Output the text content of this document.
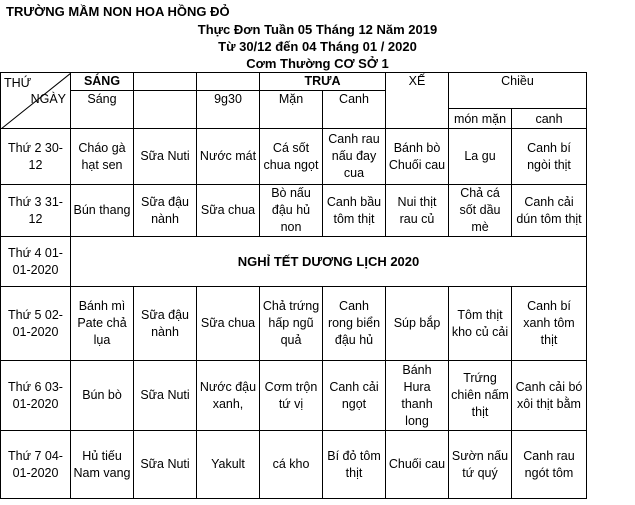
TRƯỜNG MẦM NON HOA HỒNG ĐỎ
Thực Đơn Tuần 05 Tháng 12 Năm 2019
Từ 30/12 đến 04 Tháng 01 / 2020
Cơm Thường CƠ SỞ 1
THỨ
NGÀY	SÁNG			TRƯA		XẾ	Chiều	
	Sáng		9g30	Mặn	Canh			
							món mặn	canh
Thứ 2 30-12	Cháo gà hạt sen	Sữa Nuti	Nước mát	Cá sốt chua ngọt	Canh rau nấu đay cua	Bánh bò Chuối cau	La gu	Canh bí ngòi thịt
Thứ 3 31-12	Bún thang	Sữa đậu nành	Sữa chua	Bò nấu đậu hủ non	Canh bầu tôm thịt	Nui thịt rau củ	Chả cá sốt dầu mè	Canh cải dún tôm thịt
Thứ 4 01-01-2020	NGHỈ TẾT DƯƠNG LỊCH 2020							
Thứ 5 02-01-2020	Bánh mì Pate chả lụa	Sữa đậu nành	Sữa chua	Chả trứng hấp ngũ quả	Canh rong biển đậu hủ	Súp bắp	Tôm thịt kho củ cải	Canh bí xanh tôm thịt
Thứ 6 03-01-2020	Bún bò	Sữa Nuti	Nước đậu xanh,	Cơm trộn tứ vị	Canh cải ngọt	Bánh Hura thanh long	Trứng chiên nấm thịt	Canh cải bó xôi thịt bằm
Thứ 7 04-01-2020	Hủ tiếu Nam vang	Sữa Nuti	Yakult	cá kho	Bí đỏ tôm thịt	Chuối cau	Sườn nấu tứ quý	Canh rau ngót tôm
